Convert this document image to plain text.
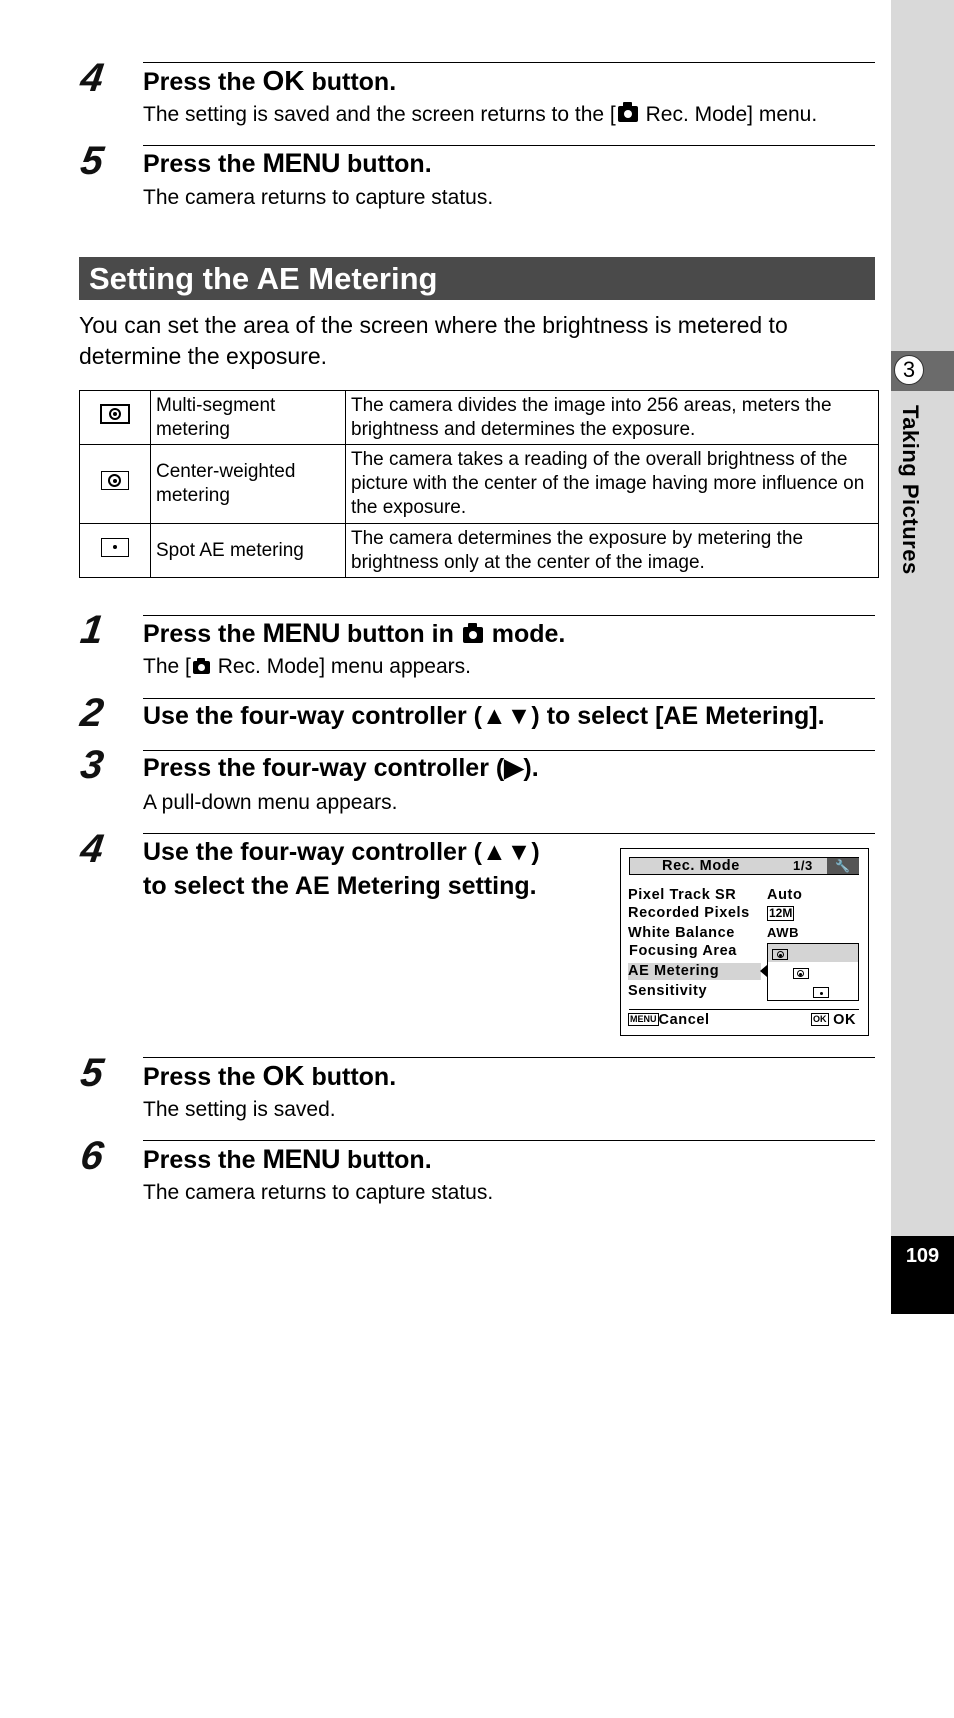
3
Taking Pictures
109
4 Press the OK button.
The setting is saved and the screen returns to the [ Rec. Mode] menu.
5 Press the MENU button.
The camera returns to capture status.
Setting the AE Metering
You can set the area of the screen where the brightness is metered to determine the exposure.
	Multi-segment metering	The camera divides the image into 256 areas, meters the brightness and determines the exposure.
	Center-weighted metering	The camera takes a reading of the overall brightness of the picture with the center of the image having more influence on the exposure.
	Spot AE metering	The camera determines the exposure by metering the brightness only at the center of the image.
1 Press the MENU button in  mode.
The [ Rec. Mode] menu appears.
2 Use the four-way controller (▲▼) to select [AE Metering].
3 Press the four-way controller (▶).
A pull-down menu appears.
4 Use the four-way controller (▲▼)
to select the AE Metering setting.
Rec. Mode	1/3	🔧
Pixel Track SR Auto
Recorded Pixels 12M
White Balance AWB
Focusing Area
AE Metering
Sensitivity

MENU Cancel	OK OK
5 Press the OK button.
The setting is saved.
6 Press the MENU button.
The camera returns to capture status.
